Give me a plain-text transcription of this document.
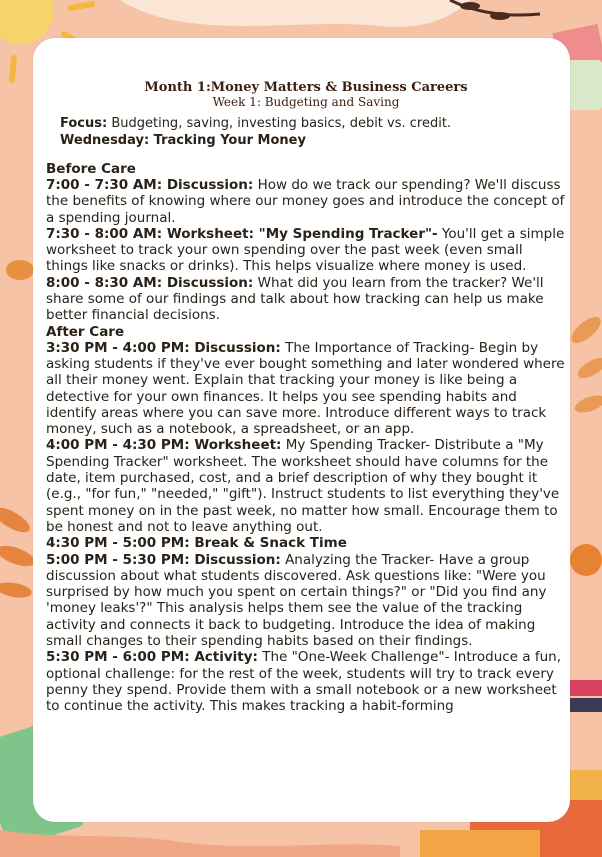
Month 1:Money Matters & Business Careers
Week 1: Budgeting and Saving
Focus: Budgeting, saving, investing basics, debit vs. credit.
Wednesday: Tracking Your Money
Before Care

7:00 - 7:30 AM: Discussion: How do we track our spending? We'll discuss the benefits of knowing where our money goes and introduce the concept of a spending journal.

7:30 - 8:00 AM: Worksheet: "My Spending Tracker"- You'll get a simple worksheet to track your own spending over the past week (even small things like snacks or drinks). This helps visualize where money is used.

8:00 - 8:30 AM: Discussion: What did you learn from the tracker? We'll share some of our findings and talk about how tracking can help us make better financial decisions.

After Care

3:30 PM - 4:00 PM: Discussion: The Importance of Tracking- Begin by asking students if they've ever bought something and later wondered where all their money went. Explain that tracking your money is like being a detective for your own finances. It helps you see spending habits and identify areas where you can save more. Introduce different ways to track money, such as a notebook, a spreadsheet, or an app.

4:00 PM - 4:30 PM: Worksheet: My Spending Tracker- Distribute a "My Spending Tracker" worksheet. The worksheet should have columns for the date, item purchased, cost, and a brief description of why they bought it (e.g., "for fun," "needed," "gift"). Instruct students to list everything they've spent money on in the past week, no matter how small. Encourage them to be honest and not to leave anything out.

4:30 PM - 5:00 PM: Break & Snack Time

5:00 PM - 5:30 PM: Discussion: Analyzing the Tracker- Have a group discussion about what students discovered. Ask questions like: "Were you surprised by how much you spent on certain things?" or "Did you find any 'money leaks'?" This analysis helps them see the value of the tracking activity and connects it back to budgeting. Introduce the idea of making small changes to their spending habits based on their findings.

5:30 PM - 6:00 PM: Activity: The "One-Week Challenge"- Introduce a fun, optional challenge: for the rest of the week, students will try to track every penny they spend. Provide them with a small notebook or a new worksheet to continue the activity. This makes tracking a habit-forming
